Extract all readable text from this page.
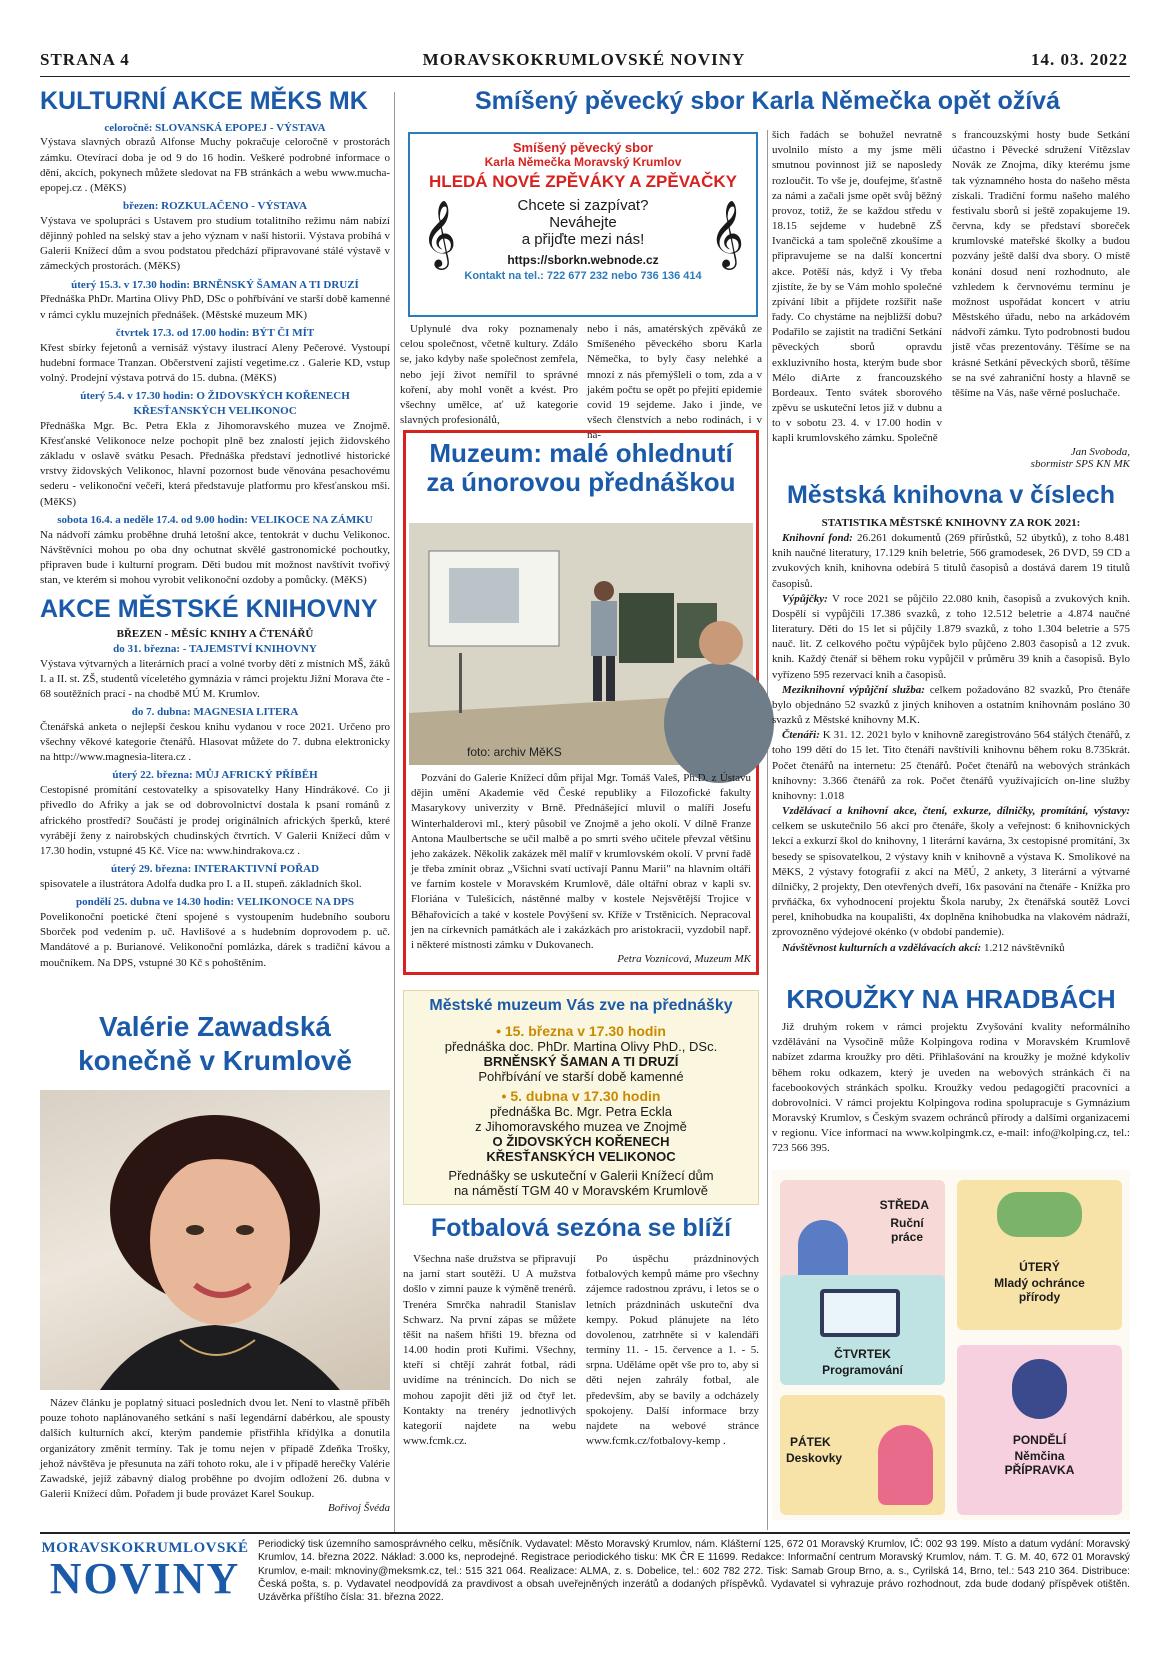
STRANA 4	MORAVSKOKRUMLOVSKÉ NOVINY	14. 03. 2022
KULTURNÍ AKCE MĚKS MK
celoročně: SLOVANSKÁ EPOPEJ - VÝSTAVA

Výstava slavných obrazů Alfonse Muchy pokračuje celoročně v prostorách zámku. Otevírací doba je od 9 do 16 hodin. Veškeré podrobné informace o dění, akcích, pokynech můžete sledovat na FB stránkách a webu www.mucha-epopej.cz . (MěKS)

březen: ROZKULAČENO - VÝSTAVA

Výstava ve spolupráci s Ustavem pro studium totalitního režimu nám nabízí dějinný pohled na selský stav a jeho význam v naší historii. Výstava probíhá v Galerii Knížecí dům a svou podstatou předchází připravované stálé výstavě v zámeckých prostorách. (MěKS)

úterý 15.3. v 17.30 hodin: BRNĚNSKÝ ŠAMAN A TI DRUZÍ

Přednáška PhDr. Martina Olivy PhD, DSc o pohřbívání ve starší době kamenné v rámci cyklu muzejních přednášek. (Městské muzeum MK)

čtvrtek 17.3. od 17.00 hodin: BÝT ČI MÍT

Křest sbírky fejetonů a vernisáž výstavy ilustrací Aleny Pečerové. Vystoupí hudební formace Tranzan. Občerstvení zajistí vegetime.cz . Galerie KD, vstup volný. Prodejní výstava potrvá do 15. dubna. (MěKS)

úterý 5.4. v 17.30 hodin: O ŽIDOVSKÝCH KOŘENECH KŘESŤANSKÝCH VELIKONOC

Přednáška Mgr. Bc. Petra Ekla z Jihomoravského muzea ve Znojmě. Křesťanské Velikonoce nelze pochopit plně bez znalostí jejich židovského základu v oslavě svátku Pesach. Přednáška představí jednotlivé historické vrstvy židovských Velikonoc, hlavní pozornost bude věnována pesachovému sederu - velikonoční večeři, která představuje platformu pro křesťanskou mši. (MěKS)

sobota 16.4. a neděle 17.4. od 9.00 hodin: VELIKOCE NA ZÁMKU

Na nádvoří zámku proběhne druhá letošní akce, tentokrát v duchu Velikonoc. Návštěvníci mohou po oba dny ochutnat skvělé gastronomické pochoutky, připraven bude i kulturní program. Děti budou mít možnost navštívit tvořivý stan, ve kterém si mohou vyrobit velikonoční ozdoby a pomůcky. (MěKS)

AKCE MĚSTSKÉ KNIHOVNY
BŘEZEN - MĚSÍC KNIHY A ČTENÁŘŮ
do 31. března: - TAJEMSTVÍ KNIHOVNY

Výstava výtvarných a literárních prací a volné tvorby dětí z místních MŠ, žáků I. a II. st. ZŠ, studentů víceletého gymnázia v rámci projektu Jižní Morava čte - 68 soutěžních prací - na chodbě MÚ M. Krumlov.

do 7. dubna: MAGNESIA LITERA

Čtenářská anketa o nejlepší českou knihu vydanou v roce 2021. Určeno pro všechny věkové kategorie čtenářů. Hlasovat můžete do 7. dubna elektronicky na http://www.magnesia-litera.cz .

úterý 22. března: MŮJ AFRICKÝ PŘÍBĚH

Cestopisné promítání cestovatelky a spisovatelky Hany Hindrákové. Co ji přivedlo do Afriky a jak se od dobrovolnictví dostala k psaní románů z afrického prostředí? Součástí je prodej originálních afrických šperků, které vyrábějí ženy z nairobských chudinských čtvrtích. V Galerii Knížecí dům v 17.30 hodin, vstupné 45 Kč. Více na: www.hindrakova.cz .

úterý 29. března: INTERAKTIVNÍ POŘAD

spisovatele a ilustrátora Adolfa dudka pro I. a II. stupeň. základních škol.

pondělí 25. dubna ve 14.30 hodin: VELIKONOCE NA DPS

Povelikonoční poetické čtení spojené s vystoupením hudebního souboru Sborček pod vedením p. uč. Havlišové a s hudebním doprovodem p. uč. Mandátové a p. Burianové. Velikonoční pomlázka, dárek s tradiční kávou a moučníkem. Na DPS, vstupné 30 Kč s pohoštěním.

Valérie Zawadská
konečně v Krumlově

Název článku je poplatný situaci posledních dvou let. Není to vlastně příběh pouze tohoto naplánovaného setkání s naší legendární dabérkou, ale spousty dalších kulturních akcí, kterým pandemie přistřihla křídýlka a donutila organizátory změnit termíny. Tak je tomu nejen v případě Zdeňka Trošky, jehož návštěva je přesunuta na září tohoto roku, ale i v případě herečky Valérie Zawadské, jejíž zábavný dialog proběhne po dvojím odložení 26. dubna v Galerii Knížecí dům. Pořadem ji bude provázet Karel Soukup.

Bořivoj Švéda
Smíšený pěvecký sbor Karla Němečka opět ožívá
Smíšený pěvecký sbor
Karla Němečka Moravský Krumlov
HLEDÁ NOVÉ ZPĚVÁKY A ZPĚVAČKY
𝄞	𝄞
Chcete si zazpívat?
Neváhejte
a přijďte mezi nás!
https://sborkn.webnode.cz
Kontakt na tel.: 722 677 232 nebo 736 136 414

Uplynulé dva roky poznamenaly celou společnost, včetně kultury. Zdálo se, jako kdyby naše společnost zemřela, nebo její život nemířil to správné koření, aby mohl vonět a kvést. Pro všechny umělce, ať už kategorie slavných profesionálů,

nebo i nás, amatérských zpěváků ze Smíšeného pěveckého sboru Karla Němečka, to byly časy nelehké a mnozí z nás přemýšleli o tom, zda a v jakém počtu se opět po přejití epidemie covid 19 sejdeme. Jako i jinde, ve všech členstvích a nebo rodinách, i v na-

šich řadách se bohužel nevratně uvolnilo místo a my jsme měli smutnou povinnost již se naposledy rozloučit. To vše je, doufejme, šťastně za námi a začali jsme opět svůj běžný provoz, totiž, že se každou středu v 18.15 sejdeme v hudebně ZŠ Ivančická a tam společně zkoušíme a připravujeme se na další koncertní akce. Potěší nás, když i Vy třeba zjistíte, že by se Vám mohlo společné zpívání líbit a přijdete rozšířit naše řady. Co chystáme na nejbližší dobu? Podařilo se zajistit na tradiční Setkání pěveckých sborů opravdu exkluzivního hosta, kterým bude sbor Mélo diArte z francouzského Bordeaux. Tento svátek sborového zpěvu se uskuteční letos již v dubnu a to v sobotu 23. 4. v 17.00 hodin v kapli krumlovského zámku. Společně

s francouzskými hosty bude Setkání účastno i Pěvecké sdružení Vítězslav Novák ze Znojma, díky kterému jsme tak významného hosta do našeho města získali. Tradiční formu našeho malého festivalu sborů si ještě zopakujeme 19. června, kdy se představí sboreček krumlovské mateřské školky a budou pozvány ještě další dva sbory. O místě konání dosud není rozhodnuto, ale vzhledem k červnovému termínu je možnost uspořádat koncert v atriu Městského úřadu, nebo na arkádovém nádvoří zámku. Tyto podrobnosti budou jistě včas prezentovány. Těšíme se na krásné Setkání pěveckých sborů, těšíme se na své zahraniční hosty a hlavně se těšíme na Vás, naše věrné posluchače.

Jan Svoboda,
sbormistr SPS KN MK
Muzeum: malé ohlednutí
za únorovou přednáškou
foto: archiv MěKS

Pozvání do Galerie Knížecí dům přijal Mgr. Tomáš Valeš, Ph.D. z Ústavu dějin umění Akademie věd České republiky a Filozofické fakulty Masarykovy univerzity v Brně. Přednášející mluvil o malíři Josefu Winterhalderovi ml., který působil ve Znojmě a jeho okolí. V dílně Franze Antona Maulbertsche se učil malbě a po smrti svého učitele převzal většinu jeho zakázek. Několik zakázek měl malíř v krumlovském okolí. V první řadě je třeba zmínit obraz „Všichni svatí uctívají Pannu Marii" na hlavním oltáři ve farním kostele v Moravském Krumlově, dále oltářní obraz v kapli sv. Floriána v Tulešicích, nástěnné malby v kostele Nejsvětější Trojice v Běhařovicích a také v kostele Povýšení sv. Kříže v Trstěnicích. Nepracoval jen na církevních památkách ale i zakázkách pro aristokracii, vyzdobil např. i některé místnosti zámku v Dukovanech.

Petra Voznicová, Muzeum MK
Městské muzeum Vás zve na přednášky
• 15. března v 17.30 hodin
přednáška doc. PhDr. Martina Olivy PhD., DSc.
BRNĚNSKÝ ŠAMAN A TI DRUZÍ
Pohřbívání ve starší době kamenné
• 5. dubna v 17.30 hodin
přednáška Bc. Mgr. Petra Eckla
z Jihomoravského muzea ve Znojmě
O ŽIDOVSKÝCH KOŘENECH
KŘESŤANSKÝCH VELIKONOC
Přednášky se uskuteční v Galerii Knížecí dům
na náměstí TGM 40 v Moravském Krumlově
Fotbalová sezóna se blíží

Všechna naše družstva se připravují na jarní start soutěží. U A mužstva došlo v zimní pauze k výměně trenérů. Trenéra Smrčka nahradil Stanislav Schwarz. Na první zápas se můžete těšit na našem hřišti 19. března od 14.00 hodin proti Kuřimi. Všechny, kteří si chtějí zahrát fotbal, rádi uvidíme na trénincích. Do nich se mohou zapojit děti již od čtyř let. Kontakty na trenéry jednotlivých kategorií najdete na webu www.fcmk.cz.

Po úspěchu prázdninových fotbalových kempů máme pro všechny zájemce radostnou zprávu, i letos se o letních prázdninách uskuteční dva kempy. Pokud plánujete na léto dovolenou, zatrhněte si v kalendáři termíny 11. - 15. července a 1. - 5. srpna. Uděláme opět vše pro to, aby si děti nejen zahrály fotbal, ale především, aby se bavily a odcházely spokojeny. Další informace brzy najdete na webové stránce www.fcmk.cz/fotbalovy-kemp .

Městská knihovna v číslech
STATISTIKA MĚSTSKÉ KNIHOVNY ZA ROK 2021:
Knihovní fond: 26.261 dokumentů (269 přírůstků, 52 úbytků), z toho 8.481 knih naučné literatury, 17.129 knih beletrie, 566 gramodesek, 26 DVD, 59 CD a zvukových knih, knihovna odebírá 5 titulů časopisů a dostává darem 19 titulů časopisů.
Výpůjčky: V roce 2021 se půjčilo 22.080 knih, časopisů a zvukových knih. Dospělí si vypůjčili 17.386 svazků, z toho 12.512 beletrie a 4.874 naučné literatury. Děti do 15 let si půjčily 1.879 svazků, z toho 1.304 beletrie a 575 nauč. lit. Z celkového počtu výpůjček bylo půjčeno 2.803 časopisů a 12 zvuk. knih. Každý čtenář si během roku vypůjčil v průměru 39 knih a časopisů. Bylo vyřízeno 595 rezervací knih a časopisů.
Meziknihovní výpůjční služba: celkem požadováno 82 svazků, Pro čtenáře bylo objednáno 52 svazků z jiných knihoven a ostatním knihovnám posláno 30 svazků z Městské knihovny M.K.
Čtenáři: K 31. 12. 2021 bylo v knihovně zaregistrováno 564 stálých čtenářů, z toho 199 dětí do 15 let. Tito čtenáři navštívili knihovnu během roku 8.735krát. Počet čtenářů na internetu: 25 čtenářů. Počet čtenářů na webových stránkách knihovny: 3.366 čtenářů za rok. Počet čtenářů využívajících on-line služby knihovny: 1.018
Vzdělávací a knihovní akce, čtení, exkurze, dílničky, promítání, výstavy: celkem se uskutečnilo 56 akcí pro čtenáře, školy a veřejnost: 6 knihovnických lekcí a exkurzí škol do knihovny, 1 literární kavárna, 3x cestopisné promítání, 3x besedy se spisovatelkou, 2 výstavy knih v knihovně a výstava K. Smolíkové na MěKS, 2 výstavy fotografií z akcí na MěÚ, 2 ankety, 3 literární a výtvarné dílničky, 2 projekty, Den otevřených dveří, 16x pasování na čtenáře - Knížka pro prvňáčka, 6x vyhodnocení projektu Škola naruby, 2x čtenářská soutěž Lovci perel, knihobudka na koupališti, 4x doplněna knihobudka na vlakovém nádraží, zprovozněno výdejové okénko (v období pandemie).
Návštěvnost kulturních a vzdělávacích akcí: 1.212 návštěvníků
KROUŽKY NA HRADBÁCH

Již druhým rokem v rámci projektu Zvyšování kvality neformálního vzdělávání na Vysočině může Kolpingova rodina v Moravském Krumlově nabízet zdarma kroužky pro děti. Přihlašování na kroužky je možné kdykoliv během roku odkazem, který je uveden na webových stránkách či na facebookových stránkách spolku. Kroužky vedou pedagogičtí pracovníci a dobrovolníci. V rámci projektu Kolpingova rodina spolupracuje s Gymnázium Moravský Krumlov, s Českým svazem ochránců přírody a dalšími organizacemi v regionu. Více informací na www.kolpingmk.cz, e-mail: info@kolping.cz, tel.: 723 566 395.

STŘEDA
Ruční práce
ÚTERÝ
Mladý ochránce přírody
ČTVRTEK
Programování
PÁTEK
Deskovky
PONDĚLÍ
Němčina PŘÍPRAVKA
MORAVSKOKRUMLOVSKÉ
NOVINY
Periodický tisk územního samosprávného celku, měsíčník. Vydavatel: Město Moravský Krumlov, nám. Klášterní 125, 672 01 Moravský Krumlov, IČ: 002 93 199. Místo a datum vydání: Moravský Krumlov, 14. března 2022. Náklad: 3.000 ks, neprodejné. Registrace periodického tisku: MK ČR E 11699. Redakce: Informační centrum Moravský Krumlov, nám. T. G. M. 40, 672 01 Moravský Krumlov, e-mail: mknoviny@meksmk.cz, tel.: 515 321 064. Realizace: ALMA, z. s. Dobelice, tel.: 602 782 272. Tisk: Samab Group Brno, a. s., Cyrilská 14, Brno, tel.: 543 210 364. Distribuce: Česká pošta, s. p. Vydavatel neodpovídá za pravdivost a obsah uveřejněných inzerátů a dodaných příspěvků. Vydavatel si vyhrazuje právo rozhodnout, zda bude dodaný příspěvek otištěn. Uzávěrka příštího čísla: 31. března 2022.
